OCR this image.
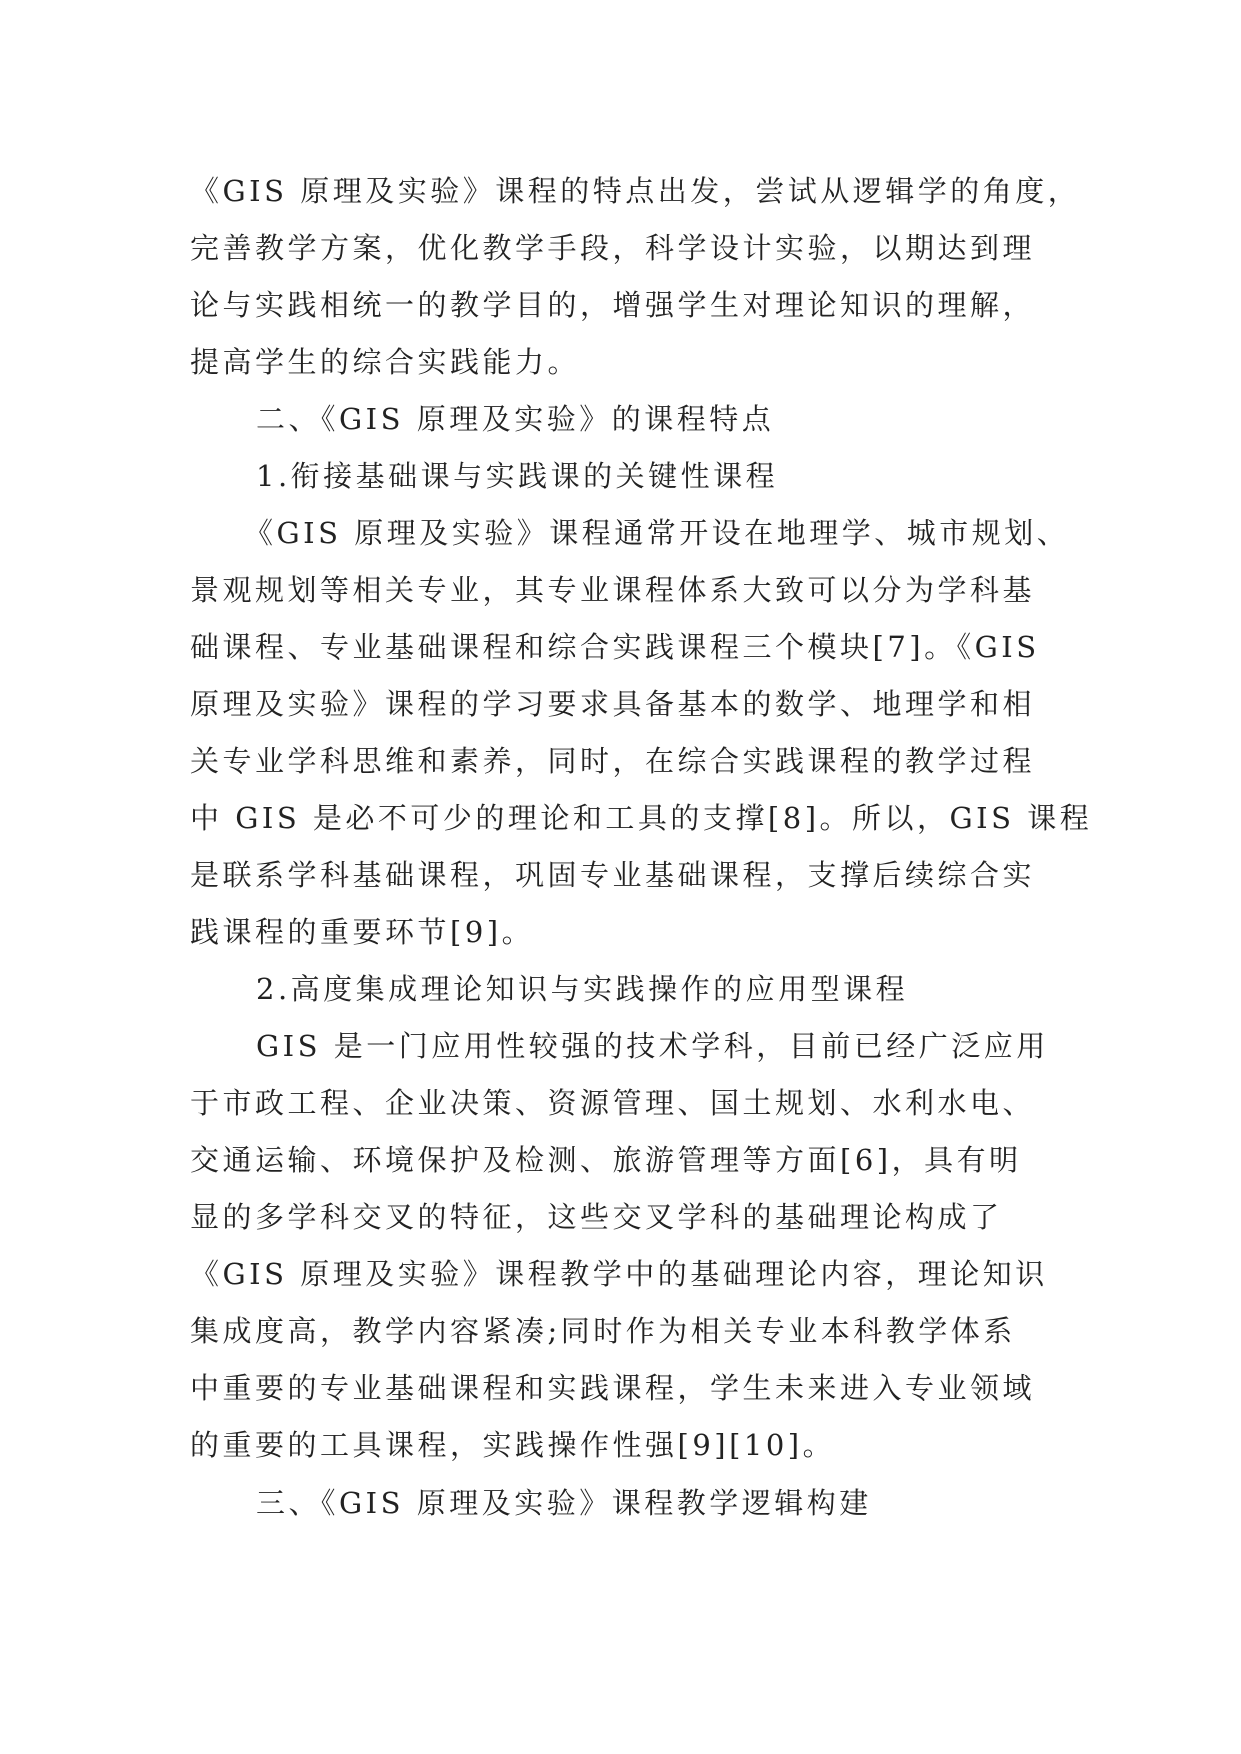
《GIS 原理及实验》课程的特点出发，尝试从逻辑学的角度，
完善教学方案，优化教学手段，科学设计实验，以期达到理
论与实践相统一的教学目的，增强学生对理论知识的理解，
提高学生的综合实践能力。
二、《GIS 原理及实验》的课程特点
1.衔接基础课与实践课的关键性课程
《GIS 原理及实验》课程通常开设在地理学、城市规划、
景观规划等相关专业，其专业课程体系大致可以分为学科基
础课程、专业基础课程和综合实践课程三个模块[7]。《GIS
原理及实验》课程的学习要求具备基本的数学、地理学和相
关专业学科思维和素养，同时，在综合实践课程的教学过程
中 GIS 是必不可少的理论和工具的支撑[8]。所以，GIS 课程
是联系学科基础课程，巩固专业基础课程，支撑后续综合实
践课程的重要环节[9]。
2.高度集成理论知识与实践操作的应用型课程
GIS 是一门应用性较强的技术学科，目前已经广泛应用
于市政工程、企业决策、资源管理、国土规划、水利水电、
交通运输、环境保护及检测、旅游管理等方面[6]，具有明
显的多学科交叉的特征，这些交叉学科的基础理论构成了
《GIS 原理及实验》课程教学中的基础理论内容，理论知识
集成度高，教学内容紧凑;同时作为相关专业本科教学体系
中重要的专业基础课程和实践课程，学生未来进入专业领域
的重要的工具课程，实践操作性强[9][10]。
三、《GIS 原理及实验》课程教学逻辑构建
